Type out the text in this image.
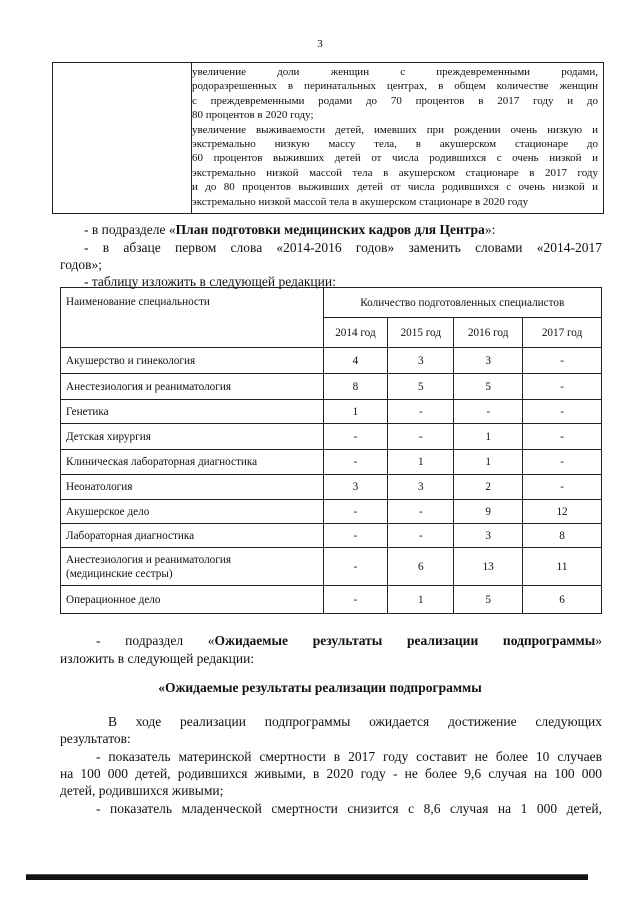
3
увеличение доли женщин с преждевременными родами,
родоразрешенных в перинатальных центрах, в общем количестве женщин
с преждевременными родами до 70 процентов в 2017 году и до
80 процентов в 2020 году;
увеличение выживаемости детей, имевших при рождении очень низкую и
экстремально низкую массу тела, в акушерском стационаре до
60 процентов выживших детей от числа родившихся с очень низкой и
экстремально низкой массой тела в акушерском стационаре в 2017 году
и до 80 процентов выживших детей от числа родившихся с очень низкой и
экстремально низкой массой тела в акушерском стационаре в 2020 году
- в подразделе «План подготовки медицинских кадров для Центра»:
- в абзаце первом слова «2014-2016 годов» заменить словами «2014-2017
годов»;
- таблицу изложить в следующей редакции:
Наименование специальности	Количество подготовленных специалистов			
	2014 год	2015 год	2016 год	2017 год
Акушерство и гинекология	4	3	3	-
Анестезиология и реаниматология	8	5	5	-
Генетика	1	-	-	-
Детская хирургия	-	-	1	-
Клиническая лабораторная диагностика	-	1	1	-
Неонатология	3	3	2	-
Акушерское дело	-	-	9	12
Лабораторная диагностика	-	-	3	8

Анестезиология и реаниматология
(медицинские сестры)	-	6	13	11
Операционное дело	-	1	5	6
- подраздел «Ожидаемые результаты реализации подпрограммы»
изложить в следующей редакции:
«Ожидаемые результаты реализации подпрограммы
В ходе реализации подпрограммы ожидается достижение следующих
результатов:
- показатель материнской смертности в 2017 году составит не более 10 случаев
на 100 000 детей, родившихся живыми, в 2020 году - не более 9,6 случая на 100 000
детей, родившихся живыми;
- показатель младенческой смертности снизится с 8,6 случая на 1 000 детей,
